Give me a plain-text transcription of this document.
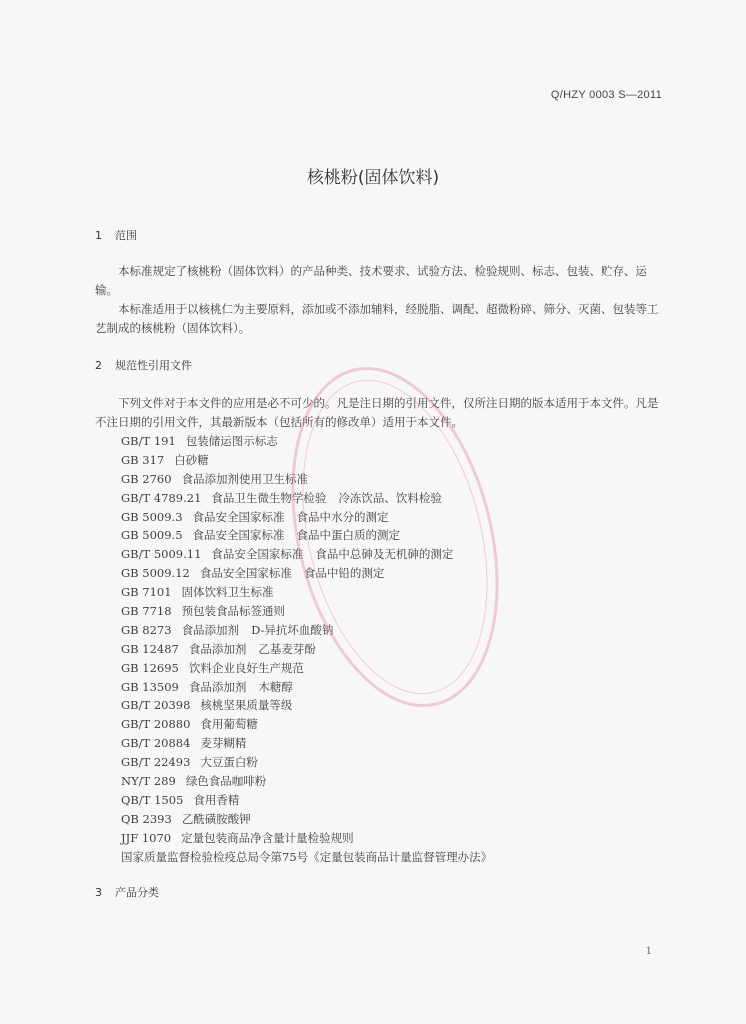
Q/HZY 0003 S—2011
核桃粉(固体饮料)
1 范围
本标准规定了核桃粉（固体饮料）的产品种类、技术要求、试验方法、检验规则、标志、包装、贮存、运输。
本标准适用于以核桃仁为主要原料，添加或不添加辅料，经脱脂、调配、超微粉碎、筛分、灭菌、包装等工艺制成的核桃粉（固体饮料）。
2 规范性引用文件
下列文件对于本文件的应用是必不可少的。凡是注日期的引用文件，仅所注日期的版本适用于本文件。凡是不注日期的引用文件，其最新版本（包括所有的修改单）适用于本文件。
GB/T 191 包装储运图示标志
GB 317 白砂糖
GB 2760 食品添加剂使用卫生标准
GB/T 4789.21 食品卫生微生物学检验 冷冻饮品、饮料检验
GB 5009.3 食品安全国家标准 食品中水分的测定
GB 5009.5 食品安全国家标准 食品中蛋白质的测定
GB/T 5009.11 食品安全国家标准 食品中总砷及无机砷的测定
GB 5009.12 食品安全国家标准 食品中铅的测定
GB 7101 固体饮料卫生标准
GB 7718 预包装食品标签通则
GB 8273 食品添加剂 D-异抗坏血酸钠
GB 12487 食品添加剂 乙基麦芽酚
GB 12695 饮料企业良好生产规范
GB 13509 食品添加剂 木糖醇
GB/T 20398 核桃坚果质量等级
GB/T 20880 食用葡萄糖
GB/T 20884 麦芽糊精
GB/T 22493 大豆蛋白粉
NY/T 289 绿色食品咖啡粉
QB/T 1505 食用香精
QB 2393 乙酰磺胺酸钾
JJF 1070 定量包装商品净含量计量检验规则
国家质量监督检验检疫总局令第75号《定量包装商品计量监督管理办法》
3 产品分类
1
